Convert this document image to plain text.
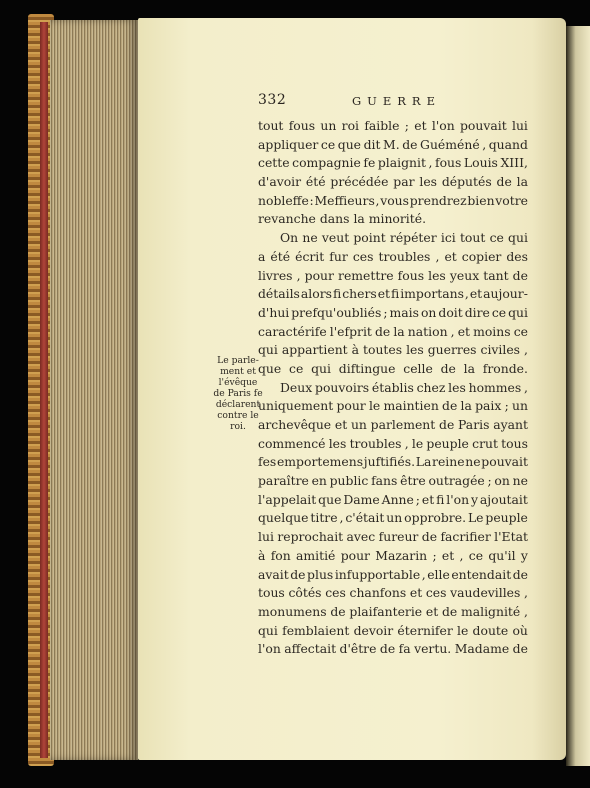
332	GUERRE
Le parle-
ment et
l'évêque
de Paris fe
déclarent
contre le
roi.
tout fous un roi faible ; et l'on pouvait lui
appliquer ce que dit M. de Guéméné , quand
cette compagnie fe plaignit , fous Louis XIII,
d'avoir été précédée par les députés de la
nobleffe : Meffieurs , vous prendrez bien votre
revanche dans la minorité.
On ne veut point répéter ici tout ce qui
a été écrit fur ces troubles , et copier des
livres , pour remettre fous les yeux tant de
détails alors fi chers et fi importans , et aujour-
d'hui prefqu'oubliés ; mais on doit dire ce qui
caractérife l'efprit de la nation , et moins ce
qui appartient à toutes les guerres civiles ,
que ce qui diftingue celle de la fronde.
Deux pouvoirs établis chez les hommes ,
uniquement pour le maintien de la paix ; un
archevêque et un parlement de Paris ayant
commencé les troubles , le peuple crut tous
fes emportemens juftifiés. La reine ne pouvait
paraître en public fans être outragée ; on ne
l'appelait que Dame Anne ; et fi l'on y ajoutait
quelque titre , c'était un opprobre. Le peuple
lui reprochait avec fureur de facrifier l'Etat
à fon amitié pour Mazarin ; et , ce qu'il y
avait de plus infupportable , elle entendait de
tous côtés ces chanfons et ces vaudevilles ,
monumens de plaifanterie et de malignité ,
qui femblaient devoir éternifer le doute où
l'on affectait d'être de fa vertu. Madame de
